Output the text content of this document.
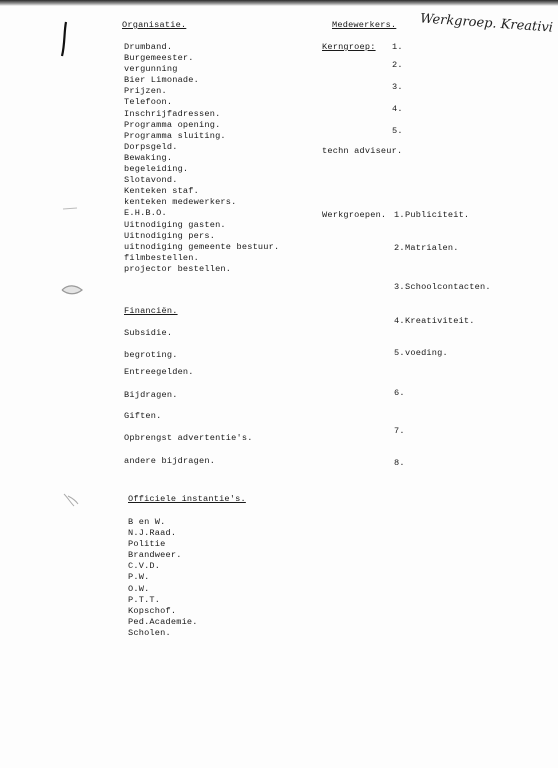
Organisatie.
Drumband.
Burgemeester.
vergunning
Bier Limonade.
Prijzen.
Telefoon.
Inschrijfadressen.
Programma opening.
Programma sluiting.
Dorpsgeld.
Bewaking.
begeleiding.
Slotavond.
Kenteken staf.
kenteken medewerkers.
E.H.B.O.
Uitnodiging gasten.
Uitnodiging pers.
uitnodiging gemeente bestuur.
filmbestellen.
projector bestellen.
Medewerkers. Werkgroep. Kreativi
Kerngroep: 1.
2.
3.
4.
5.
techn adviseur.
Werkgroepen. 1. Publiciteit.
2. Matrialen.
3. Schoolcontacten.
4. Kreativiteit.
5. voeding.
6.
7.
8.
Financiën.
Subsidie.
begroting.
Entreegelden.
Bijdragen.
Giften.
Opbrengst advertentie's.
andere bijdragen.
Officiele instantie's.
B en W.
N.J.Raad.
Politie
Brandweer.
C.V.D.
P.W.
O.W.
P.T.T.
Kopschof.
Ped.Academie.
Scholen.
